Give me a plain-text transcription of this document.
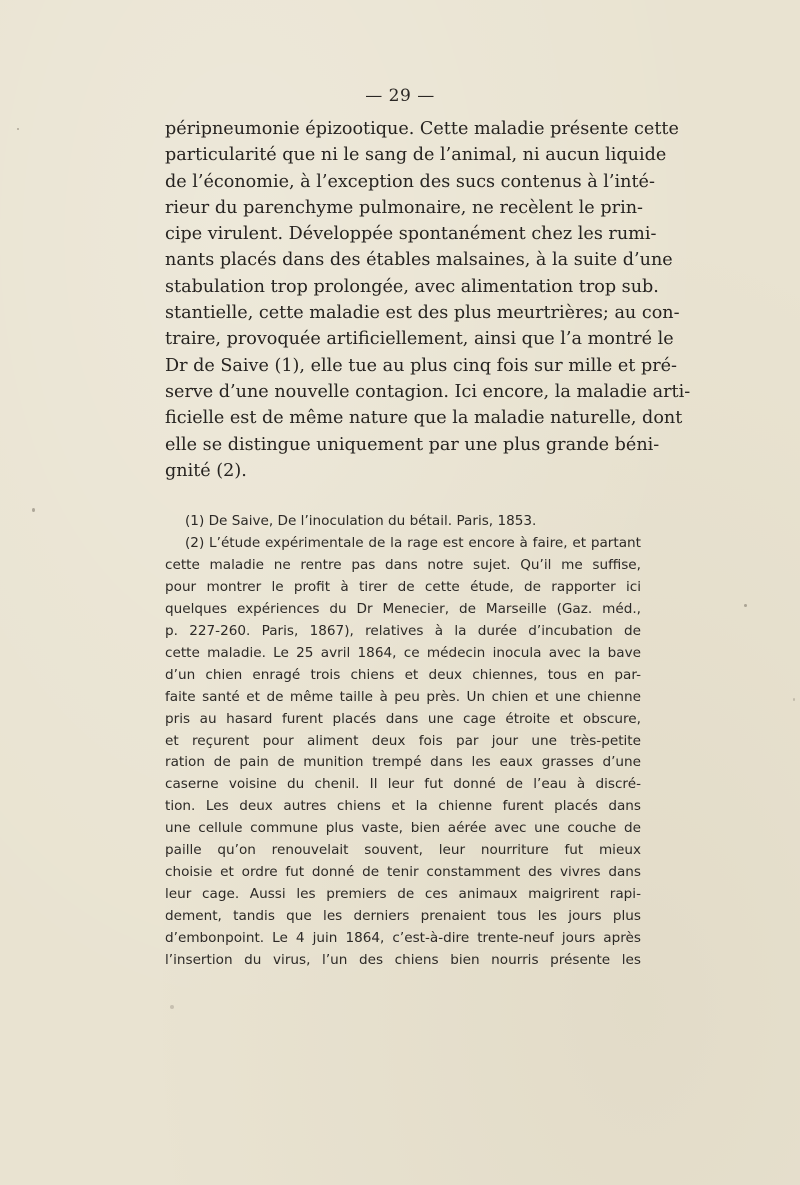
— 29 —
péripneumonie épizootique. Cette maladie présente cette
particularité que ni le sang de l’animal, ni aucun liquide
de l’économie, à l’exception des sucs contenus à l’inté-
rieur du parenchyme pulmonaire, ne recèlent le prin-
cipe virulent. Développée spontanément chez les rumi-
nants placés dans des étables malsaines, à la suite d’une
stabulation trop prolongée, avec alimentation trop sub.
stantielle, cette maladie est des plus meurtrières; au con-
traire, provoquée artificiellement, ainsi que l’a montré le
Dr de Saive (1), elle tue au plus cinq fois sur mille et pré-
serve d’une nouvelle contagion. Ici encore, la maladie arti-
ficielle est de même nature que la maladie naturelle, dont
elle se distingue uniquement par une plus grande béni-
gnité (2).
(1) De Saive, De l’inoculation du bétail. Paris, 1853.
(2) L’étude expérimentale de la rage est encore à faire, et partant
cette maladie ne rentre pas dans notre sujet. Qu’il me suffise,
pour montrer le profit à tirer de cette étude, de rapporter ici
quelques expériences du Dr Menecier, de Marseille (Gaz. méd.,
p. 227-260. Paris, 1867), relatives à la durée d’incubation de
cette maladie. Le 25 avril 1864, ce médecin inocula avec la bave
d’un chien enragé trois chiens et deux chiennes, tous en par-
faite santé et de même taille à peu près. Un chien et une chienne
pris au hasard furent placés dans une cage étroite et obscure,
et reçurent pour aliment deux fois par jour une très-petite
ration de pain de munition trempé dans les eaux grasses d’une
caserne voisine du chenil. Il leur fut donné de l’eau à discré-
tion. Les deux autres chiens et la chienne furent placés dans
une cellule commune plus vaste, bien aérée avec une couche de
paille qu’on renouvelait souvent, leur nourriture fut mieux
choisie et ordre fut donné de tenir constamment des vivres dans
leur cage. Aussi les premiers de ces animaux maigrirent rapi-
dement, tandis que les derniers prenaient tous les jours plus
d’embonpoint. Le 4 juin 1864, c’est-à-dire trente-neuf jours après
l’insertion du virus, l’un des chiens bien nourris présente les
